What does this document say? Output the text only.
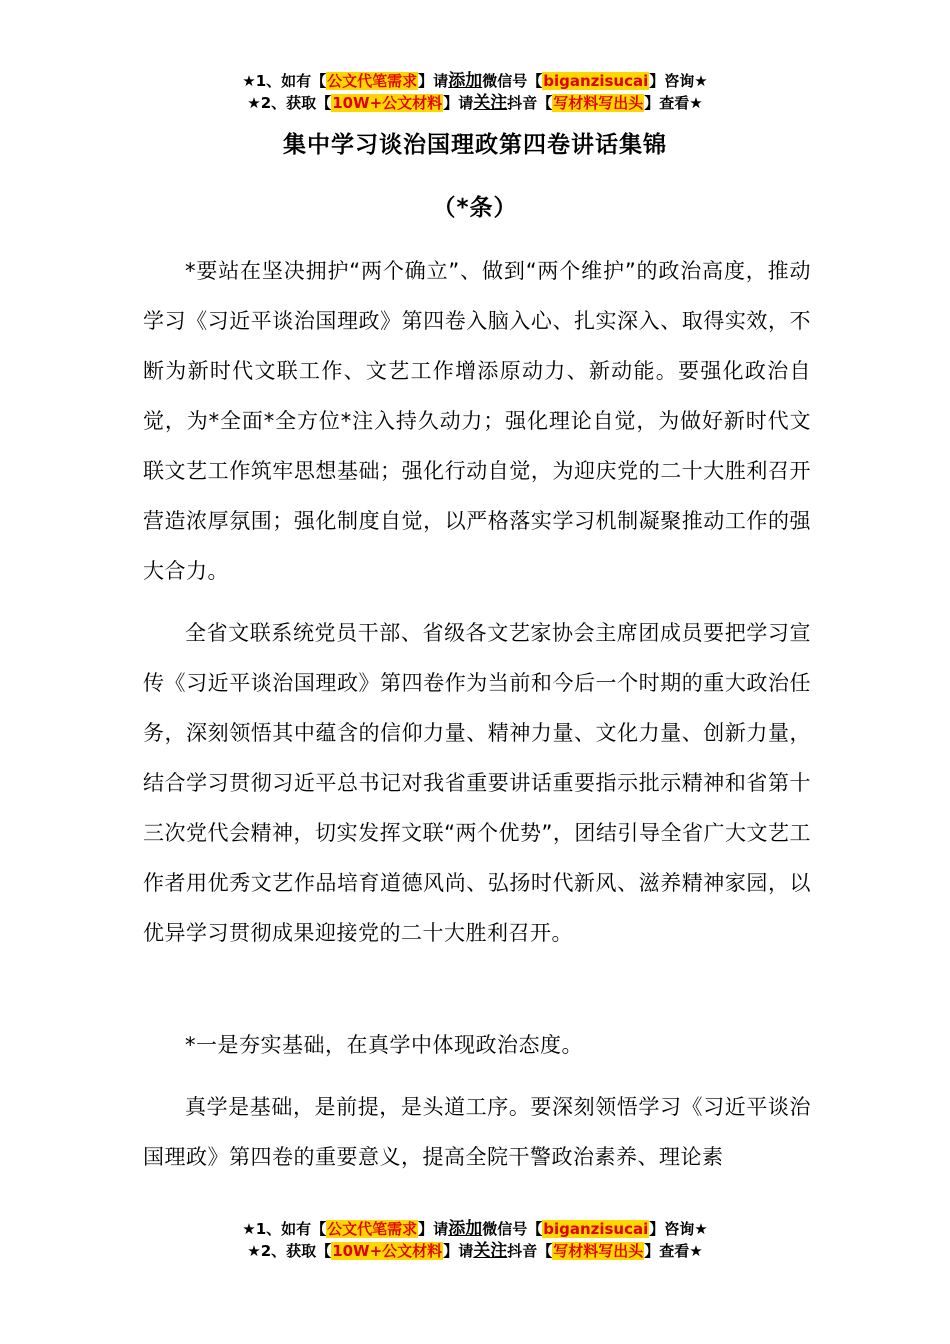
★1、如有【公文代笔需求】请添加微信号【biganzisucai】咨询★
★2、获取【10W+公文材料】请关注抖音【写材料写出头】查看★
集中学习谈治国理政第四卷讲话集锦
（*条）

*要站在坚决拥护“两个确立”、做到“两个维护”的政治高度，推动学习《习近平谈治国理政》第四卷入脑入心、扎实深入、取得实效，不断为新时代文联工作、文艺工作增添原动力、新动能。要强化政治自觉，为*全面*全方位*注入持久动力；强化理论自觉，为做好新时代文联文艺工作筑牢思想基础；强化行动自觉，为迎庆党的二十大胜利召开营造浓厚氛围；强化制度自觉，以严格落实学习机制凝聚推动工作的强大合力。

全省文联系统党员干部、省级各文艺家协会主席团成员要把学习宣传《习近平谈治国理政》第四卷作为当前和今后一个时期的重大政治任务，深刻领悟其中蕴含的信仰力量、精神力量、文化力量、创新力量，结合学习贯彻习近平总书记对我省重要讲话重要指示批示精神和省第十三次党代会精神，切实发挥文联“两个优势”，团结引导全省广大文艺工作者用优秀文艺作品培育道德风尚、弘扬时代新风、滋养精神家园，以优异学习贯彻成果迎接党的二十大胜利召开。

*一是夯实基础，在真学中体现政治态度。

真学是基础，是前提，是头道工序。要深刻领悟学习《习近平谈治国理政》第四卷的重要意义，提高全院干警政治素养、理论素

★1、如有【公文代笔需求】请添加微信号【biganzisucai】咨询★
★2、获取【10W+公文材料】请关注抖音【写材料写出头】查看★
